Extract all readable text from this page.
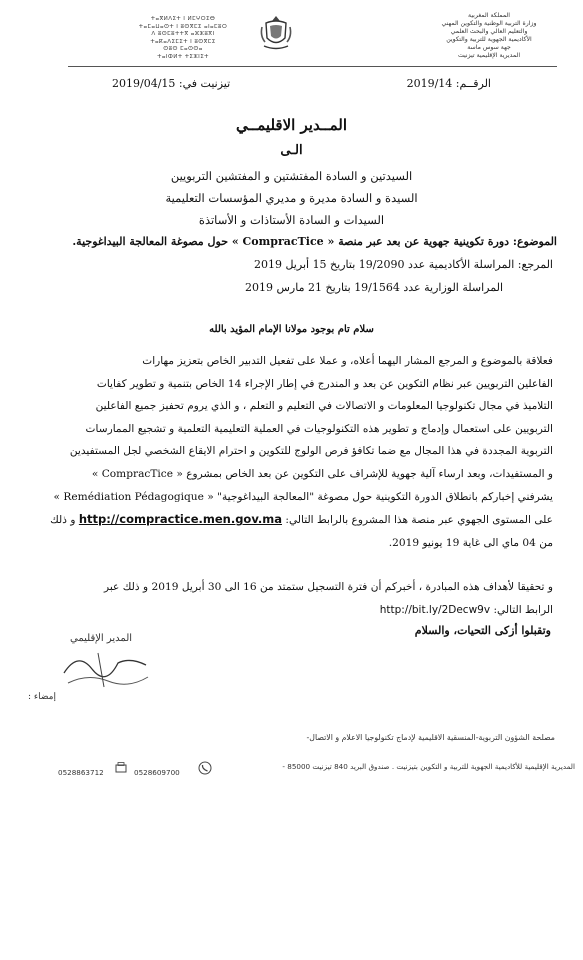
ⵜⴰⴳⵍⴷⵉⵜ ⵏ ⵍⵎⵖⵔⵉⴱ
ⵜⴰⵎⴰⵡⴰⵙⵜ ⵏ ⵓⵙⴳⵎⵉ ⴰⵏⴰⵎⵓⵔ
ⴷ ⵓⵙⵎⵓⵜⵜⴳ ⴰⵣⵣⵓⴳⵏ
ⵜⴰⴽⴰⴷⵉⵎⵉⵜ ⵏ ⵓⵙⴳⵎⵉ
ⵙⵓⵙ ⵎⴰⵙⵙⴰ
ⵜⴰⵏⵀⵍⵜ ⵜⵉⵣⵏⵉⵜ
المملكة المغربية
وزارة التربية الوطنية والتكوين المهني
والتعليم العالي والبحث العلمي
الأكاديمية الجهوية للتربية والتكوين
جهة سوس ماسة
المديرية الإقليمية تيزنيت
الرقــم: 2019/14
تيزنيت في: 2019/04/15
المــدير الاقليمــي
الـى
السيدتين و السادة المفتشتين و المفتشين التربويين
السيدة و السادة مديرة و مديري المؤسسات التعليمية
السيدات و السادة الأستاذات و الأساتذة
الموضوع: دورة تكوينية جهوية عن بعد عبر منصة « CompracTice » حول مصوغة المعالجة البيداغوجية.
المرجع: المراسلة الأكاديمية عدد 19/2090 بتاريخ 15 أبريل 2019
المراسلة الوزارية عدد 19/1564 بتاريخ 21 مارس 2019
سلام تام بوجود مولانا الإمام المؤيد بالله
فعلاقة بالموضوع و المرجع المشار اليهما أعلاه، و عملا على تفعيل التدبير الخاص بتعزيز مهارات
الفاعلين التربويين عبر نظام التكوين عن بعد و المندرج في إطار الإجراء 14 الخاص بتنمية و تطوير كفايات
التلاميذ في مجال تكنولوجيا المعلومات و الاتصالات في التعليم و التعلم ، و الذي يروم تحفيز جميع الفاعلين
التربويين على استعمال وإدماج و تطوير هذه التكنولوجيات في العملية التعليمية التعلمية و تشجيع الممارسات
التربوية المجددة في هذا المجال مع ضما تكافؤ فرص الولوج للتكوين و احترام الايقاع الشخصي لجل المستفيدين
و المستفيدات، وبعد ارساء آلية جهوية للإشراف على التكوين عن بعد الخاص بمشروع « CompracTice »
يشرفني إخباركم بانطلاق الدورة التكوينية حول مصوغة "المعالجة البيداغوجية" « Remédiation Pédagogique »
على المستوى الجهوي عبر منصة هذا المشروع بالرابط التالي: http://compractice.men.gov.ma و ذلك
من 04 ماي الى غاية 19 يونيو 2019.
و تحقيقا لأهداف هذه المبادرة ، أخبركم أن فترة التسجيل ستمتد من 16 الى 30 أبريل 2019 و ذلك عبر
الرابط التالي: http://bit.ly/2Decw9v
وتقبلوا أزكى التحيات، والسلام
المدير الإقليمي
إمضاء :
مصلحة الشؤون التربوية-المنسقية الاقليمية لإدماج تكنولوجيا الاعلام و الاتصال-
المديرية الإقليمية للأكاديمية الجهوية للتربية و التكوين بتيزنيت . صندوق البريد 840 تيزنيت 85000 -
0528609700
0528863712
